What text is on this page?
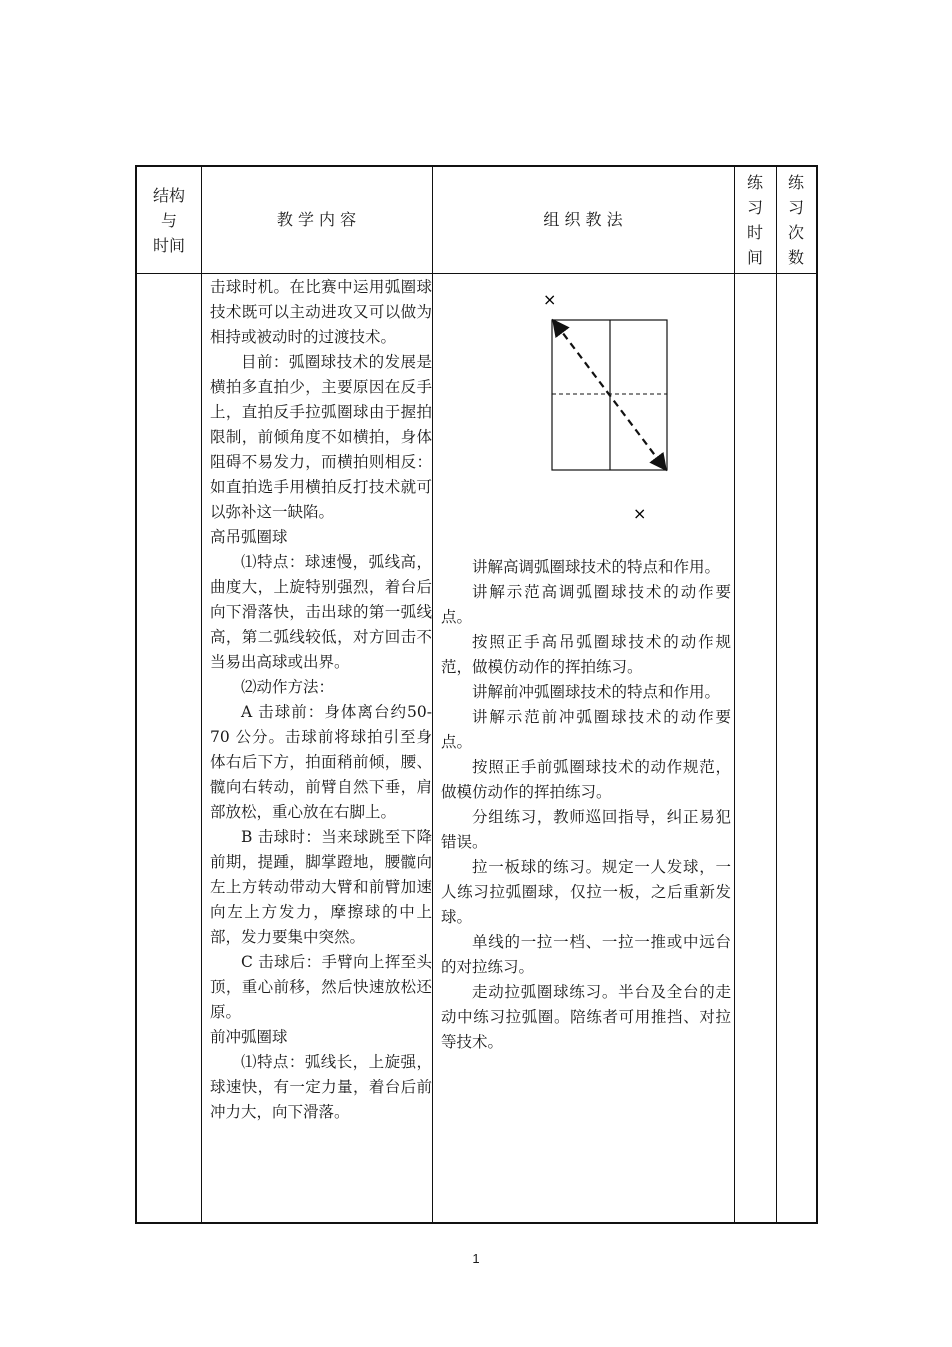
结构
与
时间
教 学 内 容	组 织 教 法
练
习
时
间
练
习
次
数

击球时机。在比赛中运用弧圈球技术既可以主动进攻又可以做为相持或被动时的过渡技术。

目前：弧圈球技术的发展是横拍多直拍少，主要原因在反手上，直拍反手拉弧圈球由于握拍限制，前倾角度不如横拍，身体阻碍不易发力，而横拍则相反：如直拍选手用横拍反打技术就可以弥补这一缺陷。

高吊弧圈球

⑴特点：球速慢，弧线高，曲度大，上旋特别强烈，着台后向下滑落快，击出球的第一弧线高，第二弧线较低，对方回击不当易出高球或出界。

⑵动作方法：

A 击球前：身体离台约50-70 公分。击球前将球拍引至身体右后下方，拍面稍前倾，腰、髋向右转动，前臂自然下垂，肩部放松，重心放在右脚上。

B 击球时：当来球跳至下降前期，提踵，脚掌蹬地，腰髋向左上方转动带动大臂和前臂加速向左上方发力，摩擦球的中上部，发力要集中突然。

C 击球后：手臂向上挥至头顶，重心前移，然后快速放松还原。

前冲弧圈球

⑴特点：弧线长，上旋强，球速快，有一定力量，着台后前冲力大，向下滑落。

×
×

讲解高调弧圈球技术的特点和作用。

讲解示范高调弧圈球技术的动作要点。

按照正手高吊弧圈球技术的动作规范，做模仿动作的挥拍练习。

讲解前冲弧圈球技术的特点和作用。

讲解示范前冲弧圈球技术的动作要点。

按照正手前弧圈球技术的动作规范，做模仿动作的挥拍练习。

分组练习，教师巡回指导，纠正易犯错误。

拉一板球的练习。规定一人发球，一人练习拉弧圈球，仅拉一板，之后重新发球。

单线的一拉一档、一拉一推或中远台的对拉练习。

走动拉弧圈球练习。半台及全台的走动中练习拉弧圈。陪练者可用推挡、对拉等技术。

1
